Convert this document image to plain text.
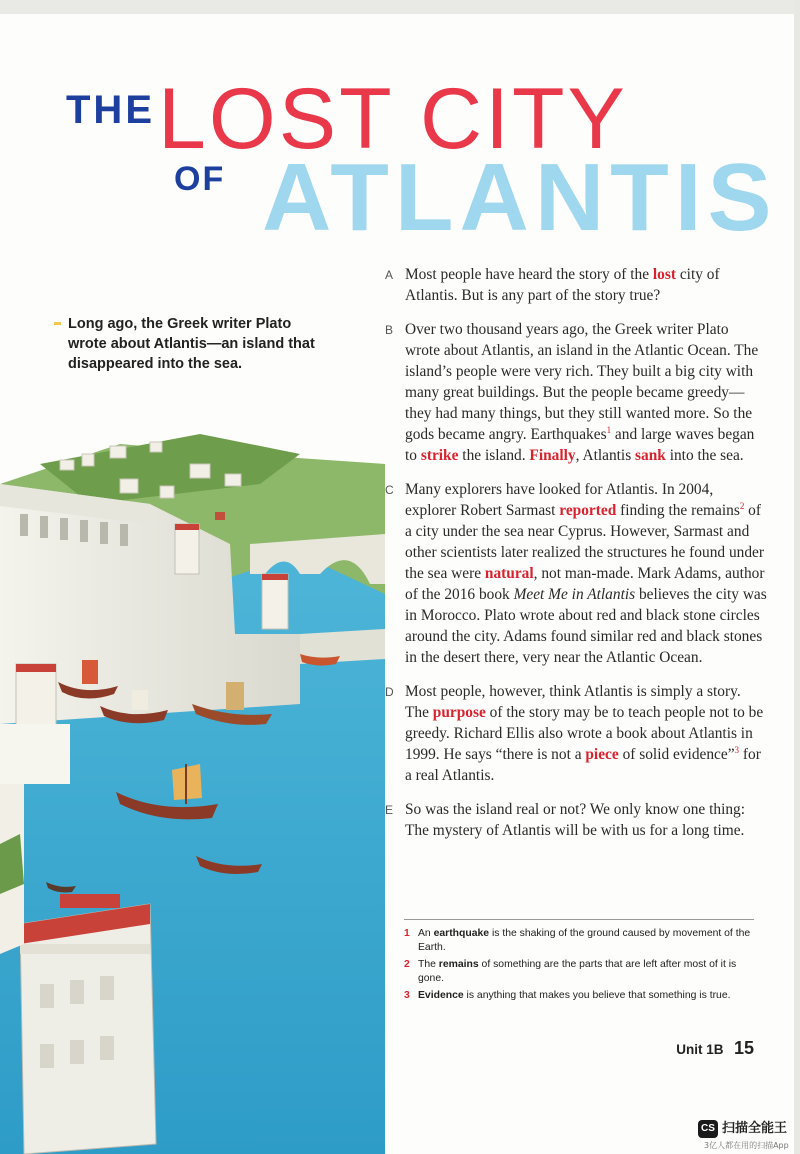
THE LOST CITY
OF ATLANTIS
Long ago, the Greek writer Plato wrote about Atlantis—an island that disappeared into the sea.
A Most people have heard the story of the lost city of Atlantis. But is any part of the story true?
B Over two thousand years ago, the Greek writer Plato wrote about Atlantis, an island in the Atlantic Ocean. The island’s people were very rich. They built a big city with many great buildings. But the people became greedy—they had many things, but they still wanted more. So the gods became angry. Earthquakes$^1$ and large waves began to strike the island. Finally, Atlantis sank into the sea.
C Many explorers have looked for Atlantis. In 2004, explorer Robert Sarmast reported finding the remains$^2$ of a city under the sea near Cyprus. However, Sarmast and other scientists later realized the structures he found under the sea were natural, not man-made. Mark Adams, author of the 2016 book Meet Me in Atlantis believes the city was in Morocco. Plato wrote about red and black stone circles around the city. Adams found similar red and black stones in the desert there, very near the Atlantic Ocean.
D Most people, however, think Atlantis is simply a story. The purpose of the story may be to teach people not to be greedy. Richard Ellis also wrote a book about Atlantis in 1999. He says “there is not a piece of solid evidence”$^3$ for a real Atlantis.
E So was the island real or not? We only know one thing: The mystery of Atlantis will be with us for a long time.
1 An earthquake is the shaking of the ground caused by movement of the Earth.
2 The remains of something are the parts that are left after most of it is gone.
3 Evidence is anything that makes you believe that something is true.
Unit 1B 15
CS 扫描全能王
3亿人都在用的扫描App
